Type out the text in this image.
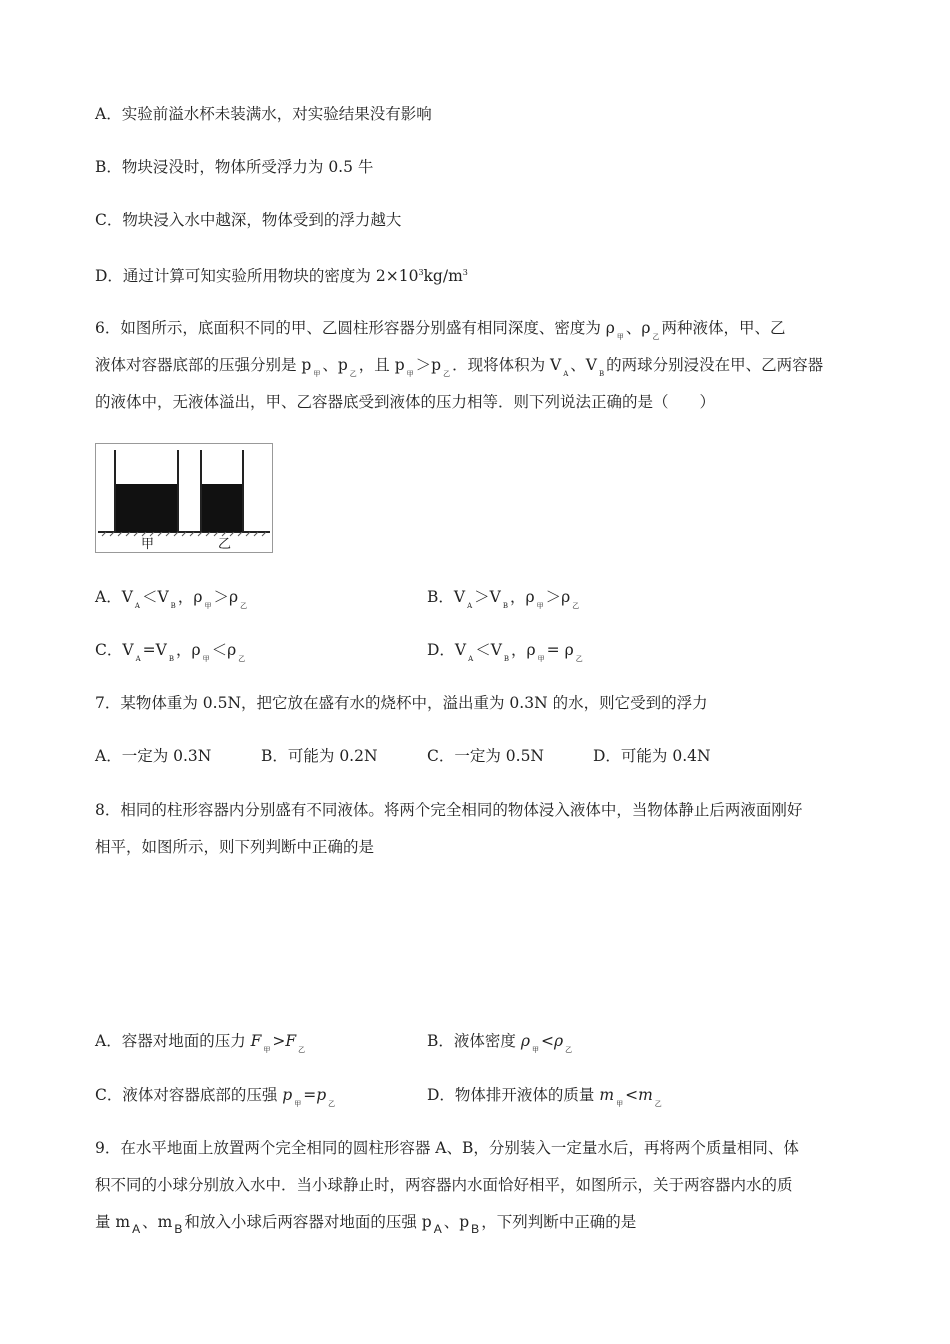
A．实验前溢水杯未装满水，对实验结果没有影响
B．物块浸没时，物体所受浮力为 0.5 牛
C．物块浸入水中越深，物体受到的浮力越大
D．通过计算可知实验所用物块的密度为 $2\times 10^3kg/m^3$
6．如图所示，底面积不同的甲、乙圆柱形容器分别盛有相同深度、密度为 ρ $_甲$ 、ρ $_乙$ 两种液体，甲、乙
液体对容器底部的压强分别是 p $_甲$ 、p $_乙$ ，且 p $_甲$ ＞p $_乙$ ．现将体积为 V $_A$ 、V $_B$ 的两球分别浸没在甲、乙两容器
的液体中，无液体溢出，甲、乙容器底受到液体的压力相等．则下列说法正确的是（　　）
甲	乙
A．V $_A$ ＜V $_B$ ，ρ $_甲$ ＞ρ $_乙$	B．V $_A$ ＞V $_B$ ，ρ $_甲$ ＞ρ $_乙$
C．V $_A$ =V $_B$ ，ρ $_甲$ ＜ρ $_乙$	D．V $_A$ ＜V $_B$ ，ρ $_甲$ = ρ $_乙$
7．某物体重为 0.5N，把它放在盛有水的烧杯中，溢出重为 0.3N 的水，则它受到的浮力
A．一定为 0.3N	B．可能为 0.2N	C．一定为 0.5N	D．可能为 0.4N
8．相同的柱形容器内分别盛有不同液体。将两个完全相同的物体浸入液体中，当物体静止后两液面刚好
相平，如图所示，则下列判断中正确的是
A．容器对地面的压力 F $_甲$ >F $_乙$	B．液体密度 ρ $_甲$ <ρ $_乙$
C．液体对容器底部的压强 p $_甲$ =p $_乙$	D．物体排开液体的质量 m $_甲$ <m $_乙$
9．在水平地面上放置两个完全相同的圆柱形容器 A、B，分别装入一定量水后，再将两个质量相同、体
积不同的小球分别放入水中．当小球静止时，两容器内水面恰好相平，如图所示，关于两容器内水的质
量 m $_A$ 、m $_B$ 和放入小球后两容器对地面的压强 p $_A$ 、p $_B$ ，下列判断中正确的是
